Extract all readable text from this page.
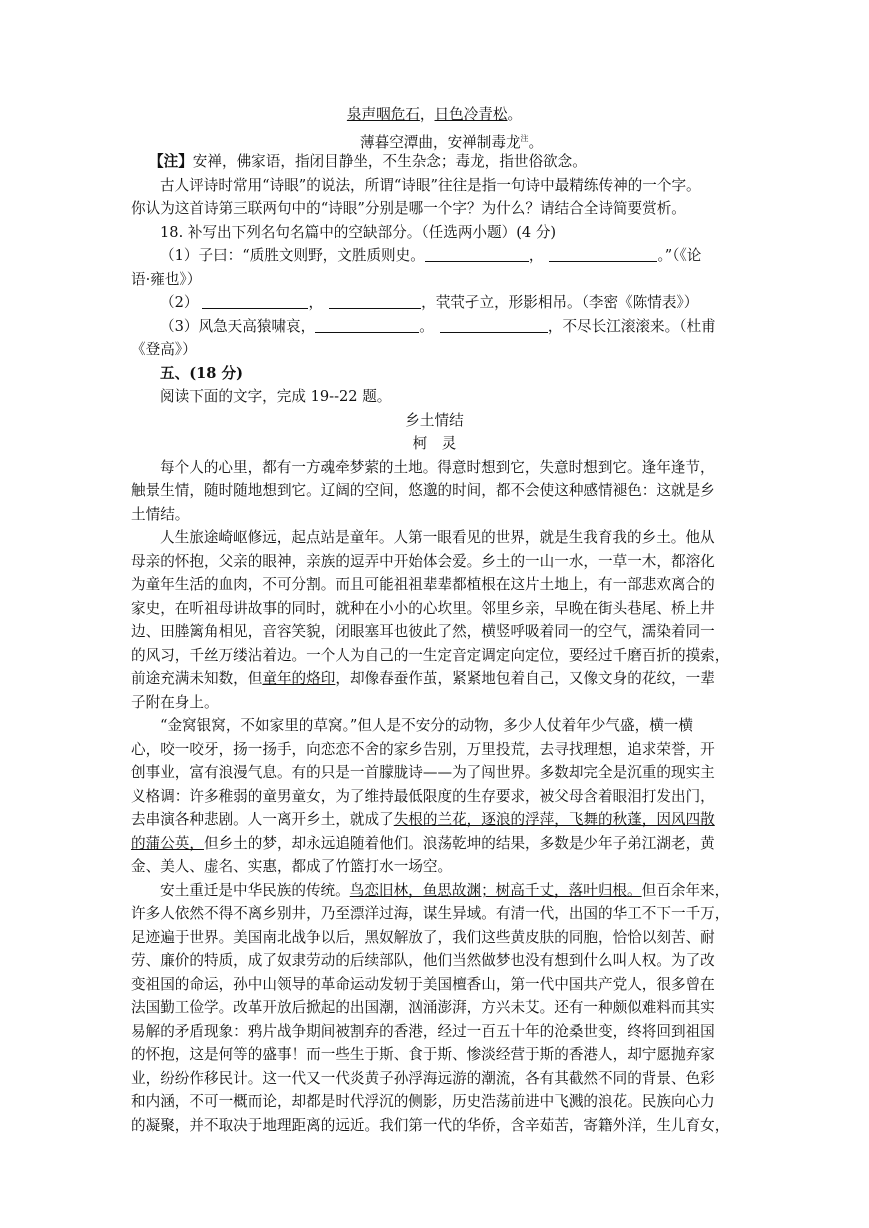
泉声咽危石，日色冷青松。
薄暮空潭曲，安禅制毒龙$^注$。
【注】安禅，佛家语，指闭目静坐，不生杂念；毒龙，指世俗欲念。
古人评诗时常用“诗眼”的说法，所谓“诗眼”往往是指一句诗中最精练传神的一个字。
你认为这首诗第三联两句中的“诗眼”分别是哪一个字？为什么？请结合全诗简要赏析。
18. 补写出下列名句名篇中的空缺部分。（任选两小题）(4 分)
（1）子曰：“质胜文则野，文胜质则史。	，	。”（《论
语·雍也》）
（2）	，	，茕茕孑立，形影相吊。（李密《陈情表》）
（3）风急天高猿啸哀，	。	，不尽长江滚滚来。（杜甫
《登高》）
五、(18 分)
阅读下面的文字，完成 19--22 题。
乡土情结
柯　灵
每个人的心里，都有一方魂牵梦萦的土地。得意时想到它，失意时想到它。逢年逢节，
触景生情，随时随地想到它。辽阔的空间，悠邈的时间，都不会使这种感情褪色：这就是乡
土情结。
人生旅途崎岖修远，起点站是童年。人第一眼看见的世界，就是生我育我的乡土。他从
母亲的怀抱，父亲的眼神，亲族的逗弄中开始体会爱。乡土的一山一水，一草一木，都溶化
为童年生活的血肉，不可分割。而且可能祖祖辈辈都植根在这片土地上，有一部悲欢离合的
家史，在听祖母讲故事的同时，就种在小小的心坎里。邻里乡亲，早晚在街头巷尾、桥上井
边、田塍篱角相见，音容笑貌，闭眼塞耳也彼此了然，横竖呼吸着同一的空气，濡染着同一
的风习，千丝万缕沾着边。一个人为自己的一生定音定调定向定位，要经过千磨百折的摸索，
前途充满未知数，但童年的烙印，却像春蚕作茧，紧紧地包着自己，又像文身的花纹，一辈
子附在身上。
“金窝银窝，不如家里的草窝。”但人是不安分的动物，多少人仗着年少气盛，横一横
心，咬一咬牙，扬一扬手，向恋恋不舍的家乡告别，万里投荒，去寻找理想，追求荣誉，开
创事业，富有浪漫气息。有的只是一首朦胧诗——为了闯世界。多数却完全是沉重的现实主
义格调：许多稚弱的童男童女，为了维持最低限度的生存要求，被父母含着眼泪打发出门，
去串演各种悲剧。人一离开乡土，就成了失根的兰花，逐浪的浮萍，飞舞的秋蓬，因风四散
的蒲公英，但乡土的梦，却永远追随着他们。浪荡乾坤的结果，多数是少年子弟江湖老，黄
金、美人、虚名、实惠，都成了竹篮打水一场空。
安土重迁是中华民族的传统。鸟恋旧林，鱼思故渊；树高千丈，落叶归根。但百余年来，
许多人依然不得不离乡别井，乃至漂洋过海，谋生异域。有清一代，出国的华工不下一千万，
足迹遍于世界。美国南北战争以后，黑奴解放了，我们这些黄皮肤的同胞，恰恰以刻苦、耐
劳、廉价的特质，成了奴隶劳动的后续部队，他们当然做梦也没有想到什么叫人权。为了改
变祖国的命运，孙中山领导的革命运动发轫于美国檀香山，第一代中国共产党人，很多曾在
法国勤工俭学。改革开放后掀起的出国潮，汹涌澎湃，方兴未艾。还有一种颇似难料而其实
易解的矛盾现象：鸦片战争期间被割弃的香港，经过一百五十年的沧桑世变，终将回到祖国
的怀抱，这是何等的盛事！而一些生于斯、食于斯、惨淡经营于斯的香港人，却宁愿抛弃家
业，纷纷作移民计。这一代又一代炎黄子孙浮海远游的潮流，各有其截然不同的背景、色彩
和内涵，不可一概而论，却都是时代浮沉的侧影，历史浩荡前进中飞溅的浪花。民族向心力
的凝聚，并不取决于地理距离的远近。我们第一代的华侨，含辛茹苦，寄籍外洋，生儿育女，
